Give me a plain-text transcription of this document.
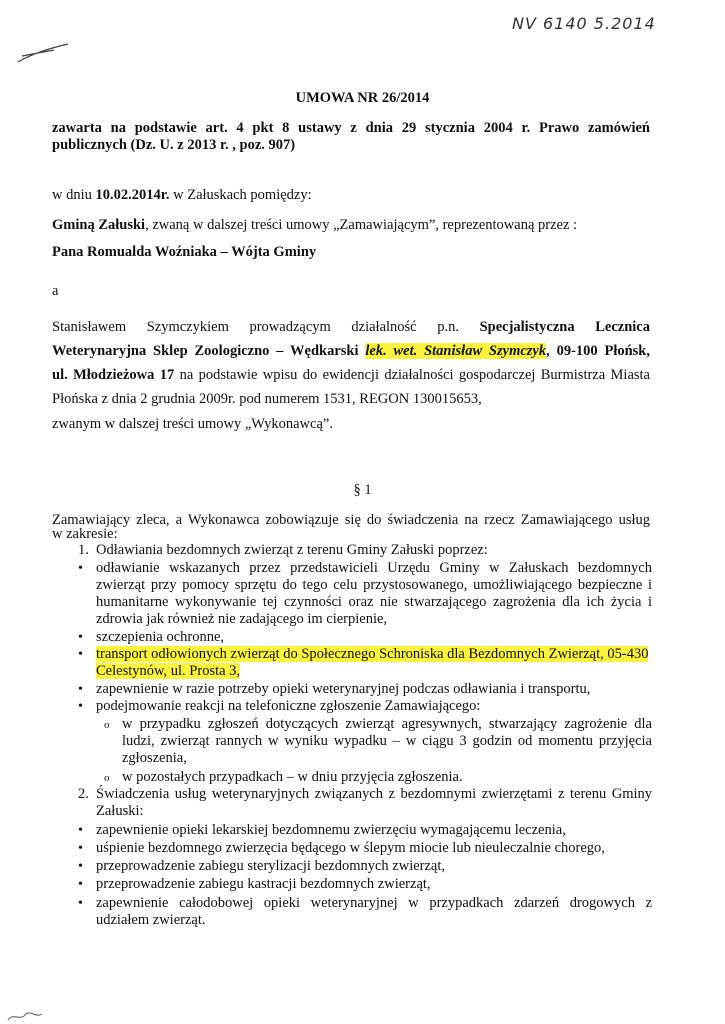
NV 6140 5.2014
UMOWA NR 26/2014
zawarta na podstawie art. 4 pkt 8 ustawy z dnia 29 stycznia 2004 r. Prawo zamówień publicznych (Dz. U. z 2013 r. , poz. 907)
w dniu 10.02.2014r. w Załuskach pomiędzy:
Gminą Załuski, zwaną w dalszej treści umowy „Zamawiającym”, reprezentowaną przez :
Pana Romualda Woźniaka – Wójta Gminy
a
Stanisławem Szymczykiem prowadzącym działalność p.n. Specjalistyczna Lecznica
Weterynaryjna Sklep Zoologiczno – Wędkarski lek. wet. Stanisław Szymczyk, 09-100 Płońsk,
ul. Młodzieżowa 17 na podstawie wpisu do ewidencji działalności gospodarczej Burmistrza Miasta
Płońska z dnia 2 grudnia 2009r. pod numerem 1531, REGON 130015653,
zwanym w dalszej treści umowy „Wykonawcą”.
§ 1
Zamawiający zleca, a Wykonawca zobowiązuje się do świadczenia na rzecz Zamawiającego usług
w zakresie:
1. Odławiania bezdomnych zwierząt z terenu Gminy Załuski poprzez:
• odławianie wskazanych przez przedstawicieli Urzędu Gminy w Załuskach bezdomnych zwierząt przy pomocy sprzętu do tego celu przystosowanego, umożliwiającego bezpieczne i humanitarne wykonywanie tej czynności oraz nie stwarzającego zagrożenia dla ich życia i zdrowia jak również nie zadającego im cierpienie,
• szczepienia ochronne,
• transport odłowionych zwierząt do Społecznego Schroniska dla Bezdomnych Zwierząt, 05-430 Celestynów, ul. Prosta 3,
• zapewnienie w razie potrzeby opieki weterynaryjnej podczas odławiania i transportu,
• podejmowanie reakcji na telefoniczne zgłoszenie Zamawiającego:
o w przypadku zgłoszeń dotyczących zwierząt agresywnych, stwarzający zagrożenie dla ludzi, zwierząt rannych w wyniku wypadku – w ciągu 3 godzin od momentu przyjęcia zgłoszenia,
o w pozostałych przypadkach – w dniu przyjęcia zgłoszenia.
2. Świadczenia usług weterynaryjnych związanych z bezdomnymi zwierzętami z terenu Gminy Załuski:
• zapewnienie opieki lekarskiej bezdomnemu zwierzęciu wymagającemu leczenia,
• uśpienie bezdomnego zwierzęcia będącego w ślepym miocie lub nieuleczalnie chorego,
• przeprowadzenie zabiegu sterylizacji bezdomnych zwierząt,
• przeprowadzenie zabiegu kastracji bezdomnych zwierząt,
• zapewnienie całodobowej opieki weterynaryjnej w przypadkach zdarzeń drogowych z udziałem zwierząt.
